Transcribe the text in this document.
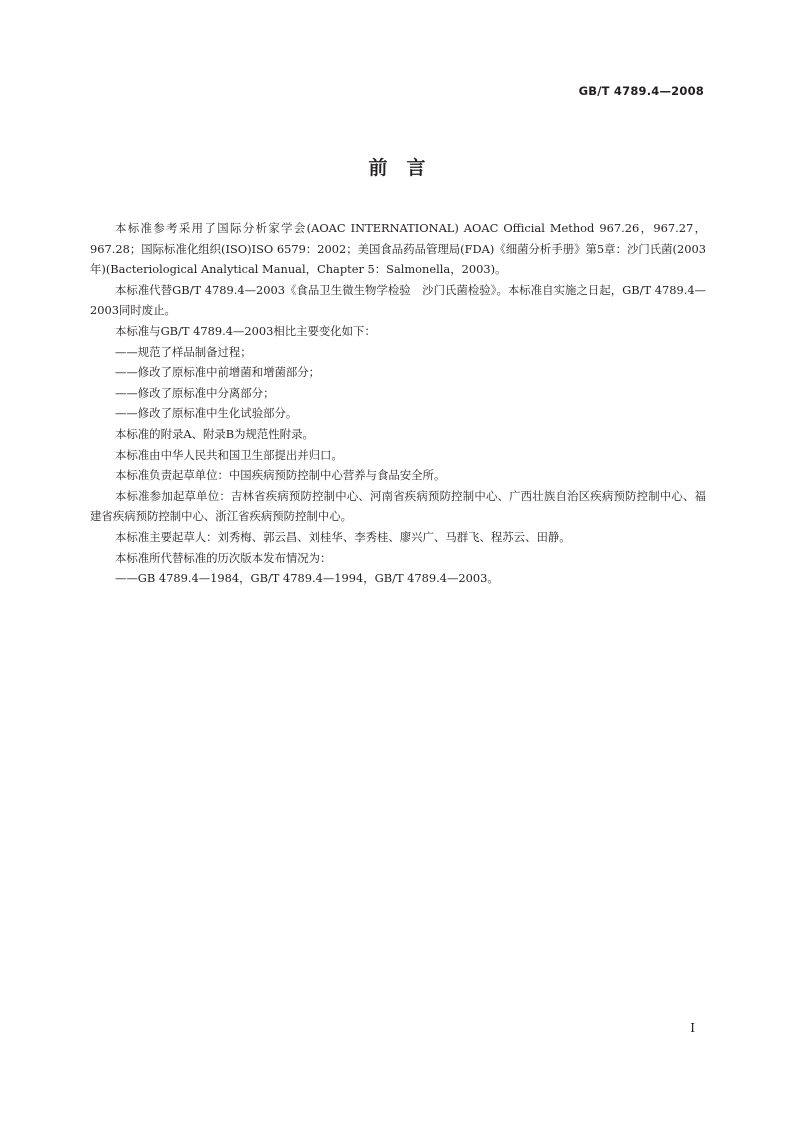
GB/T 4789.4—2008
前　言

本标准参考采用了国际分析家学会(AOAC INTERNATIONAL) AOAC Official Method 967.26，967.27，967.28；国际标准化组织(ISO)ISO 6579：2002；美国食品药品管理局(FDA)《细菌分析手册》第5章：沙门氏菌(2003年)(Bacteriological Analytical Manual，Chapter 5：Salmonella，2003)。

本标准代替GB/T 4789.4—2003《食品卫生微生物学检验　沙门氏菌检验》。本标准自实施之日起，GB/T 4789.4—2003同时废止。

本标准与GB/T 4789.4—2003相比主要变化如下：

——规范了样品制备过程；

——修改了原标准中前增菌和增菌部分；

——修改了原标准中分离部分；

——修改了原标准中生化试验部分。

本标准的附录A、附录B为规范性附录。

本标准由中华人民共和国卫生部提出并归口。

本标准负责起草单位：中国疾病预防控制中心营养与食品安全所。

本标准参加起草单位：吉林省疾病预防控制中心、河南省疾病预防控制中心、广西壮族自治区疾病预防控制中心、福建省疾病预防控制中心、浙江省疾病预防控制中心。

本标准主要起草人：刘秀梅、郭云昌、刘桂华、李秀桂、廖兴广、马群飞、程苏云、田静。

本标准所代替标准的历次版本发布情况为：

——GB 4789.4—1984，GB/T 4789.4—1994，GB/T 4789.4—2003。

I
